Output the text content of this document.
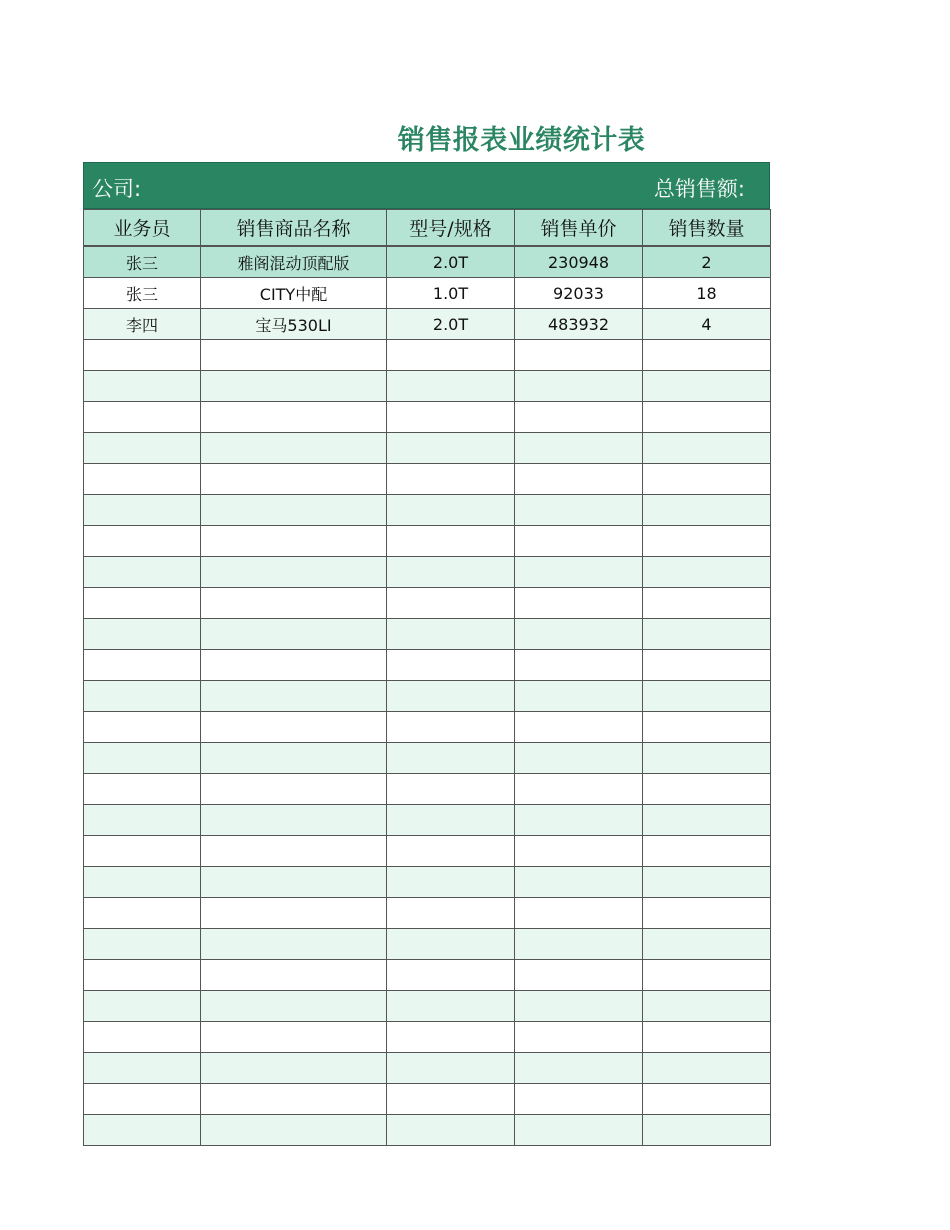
销售报表业绩统计表
公司:	总销售额:
业务员	销售商品名称	型号/规格	销售单价	销售数量
张三	雅阁混动顶配版	2.0T	230948	2
张三	CITY中配	1.0T	92033	18
李四	宝马530LI	2.0T	483932	4
